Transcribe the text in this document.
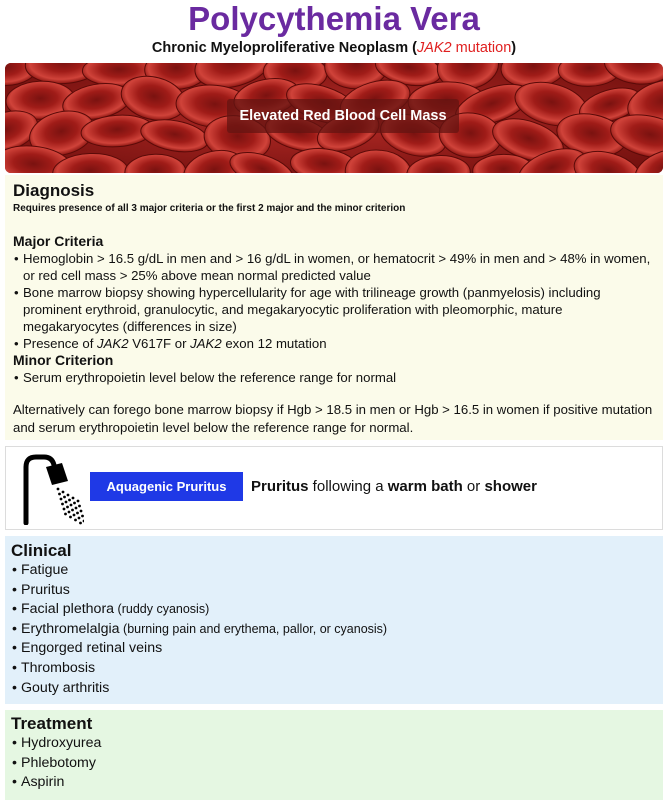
Polycythemia Vera
Chronic Myeloproliferative Neoplasm (JAK2 mutation)
Elevated Red Blood Cell Mass
Diagnosis
Requires presence of all 3 major criteria or the first 2 major and the minor criterion
Major Criteria
• Hemoglobin > 16.5 g/dL in men and > 16 g/dL in women, or hematocrit > 49% in men and > 48% in women, or red cell mass > 25% above mean normal predicted value
• Bone marrow biopsy showing hypercellularity for age with trilineage growth (panmyelosis) including prominent erythroid, granulocytic, and megakaryocytic proliferation with pleomorphic, mature megakaryocytes (differences in size)
• Presence of JAK2 V617F or JAK2 exon 12 mutation
Minor Criterion
• Serum erythropoietin level below the reference range for normal
Alternatively can forego bone marrow biopsy if Hgb > 18.5 in men or Hgb > 16.5 in women if positive mutation and serum erythropoietin level below the reference range for normal.
Aquagenic Pruritus	Pruritus following a warm bath or shower
Clinical
• Fatigue
• Pruritus
• Facial plethora (ruddy cyanosis)
• Erythromelalgia (burning pain and erythema, pallor, or cyanosis)
• Engorged retinal veins
• Thrombosis
• Gouty arthritis
Treatment
• Hydroxyurea
• Phlebotomy
• Aspirin
